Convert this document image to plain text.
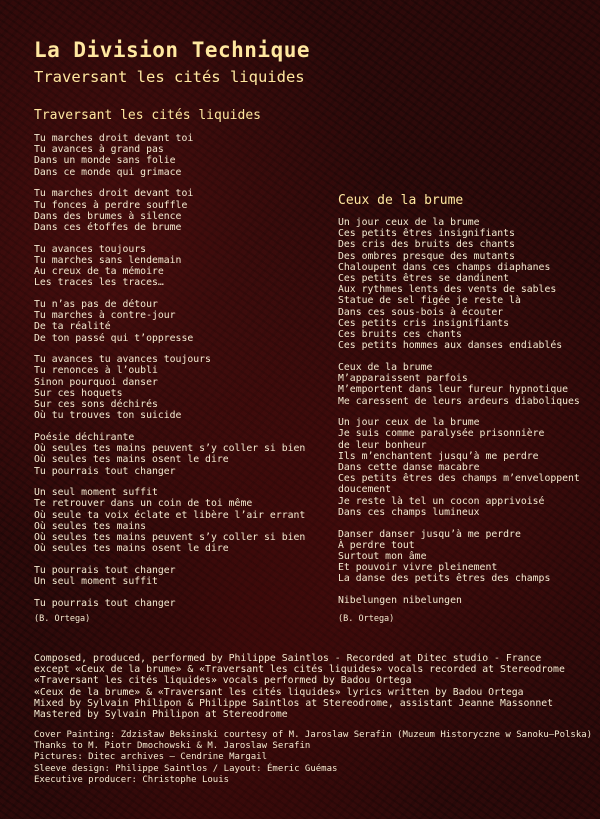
La Division Technique
Traversant les cités liquides
Traversant les cités liquides
Tu marches droit devant toi
Tu avances à grand pas
Dans un monde sans folie
Dans ce monde qui grimace
Tu marches droit devant toi
Tu fonces à perdre souffle
Dans des brumes à silence
Dans ces étoffes de brume
Tu avances toujours
Tu marches sans lendemain
Au creux de ta mémoire
Les traces les traces…
Tu n’as pas de détour
Tu marches à contre-jour
De ta réalité
De ton passé qui t’oppresse
Tu avances tu avances toujours
Tu renonces à l’oubli
Sinon pourquoi danser
Sur ces hoquets
Sur ces sons déchirés
Où tu trouves ton suicide
Poésie déchirante
Où seules tes mains peuvent s’y coller si bien
Où seules tes mains osent le dire
Tu pourrais tout changer
Un seul moment suffit
Te retrouver dans un coin de toi même
Où seule ta voix éclate et libère l’air errant
Où seules tes mains
Où seules tes mains peuvent s’y coller si bien
Où seules tes mains osent le dire
Tu pourrais tout changer
Un seul moment suffit
Tu pourrais tout changer
(B. Ortega)
Ceux de la brume
Un jour ceux de la brume
Ces petits êtres insignifiants
Des cris des bruits des chants
Des ombres presque des mutants
Chaloupent dans ces champs diaphanes
Ces petits êtres se dandinent
Aux rythmes lents des vents de sables
Statue de sel figée je reste là
Dans ces sous-bois à écouter
Ces petits cris insignifiants
Ces bruits ces chants
Ces petits hommes aux danses endiablés
Ceux de la brume
M’apparaissent parfois
M’emportent dans leur fureur hypnotique
Me caressent de leurs ardeurs diaboliques
Un jour ceux de la brume
Je suis comme paralysée prisonnière
de leur bonheur
Ils m’enchantent jusqu’à me perdre
Dans cette danse macabre
Ces petits êtres des champs m’enveloppent
doucement
Je reste là tel un cocon apprivoisé
Dans ces champs lumineux
Danser danser jusqu’à me perdre
À perdre tout
Surtout mon âme
Et pouvoir vivre pleinement
La danse des petits êtres des champs
Nibelungen nibelungen
(B. Ortega)
Composed, produced, performed by Philippe Saintlos - Recorded at Ditec studio - France
except «Ceux de la brume» & «Traversant les cités liquides» vocals recorded at Stereodrome
«Traversant les cités liquides» vocals performed by Badou Ortega
«Ceux de la brume» & «Traversant les cités liquides» lyrics written by Badou Ortega
Mixed by Sylvain Philipon & Philippe Saintlos at Stereodrome, assistant Jeanne Massonnet
Mastered by Sylvain Philipon at Stereodrome
Cover Painting: Zdzisław Beksinski courtesy of M. Jaroslaw Serafin (Muzeum Historyczne w Sanoku–Polska)
Thanks to M. Piotr Dmochowski & M. Jaroslaw Serafin
Pictures: Ditec archives – Cendrine Margail
Sleeve design: Philippe Saintlos / Layout: Émeric Guémas
Executive producer: Christophe Louis
